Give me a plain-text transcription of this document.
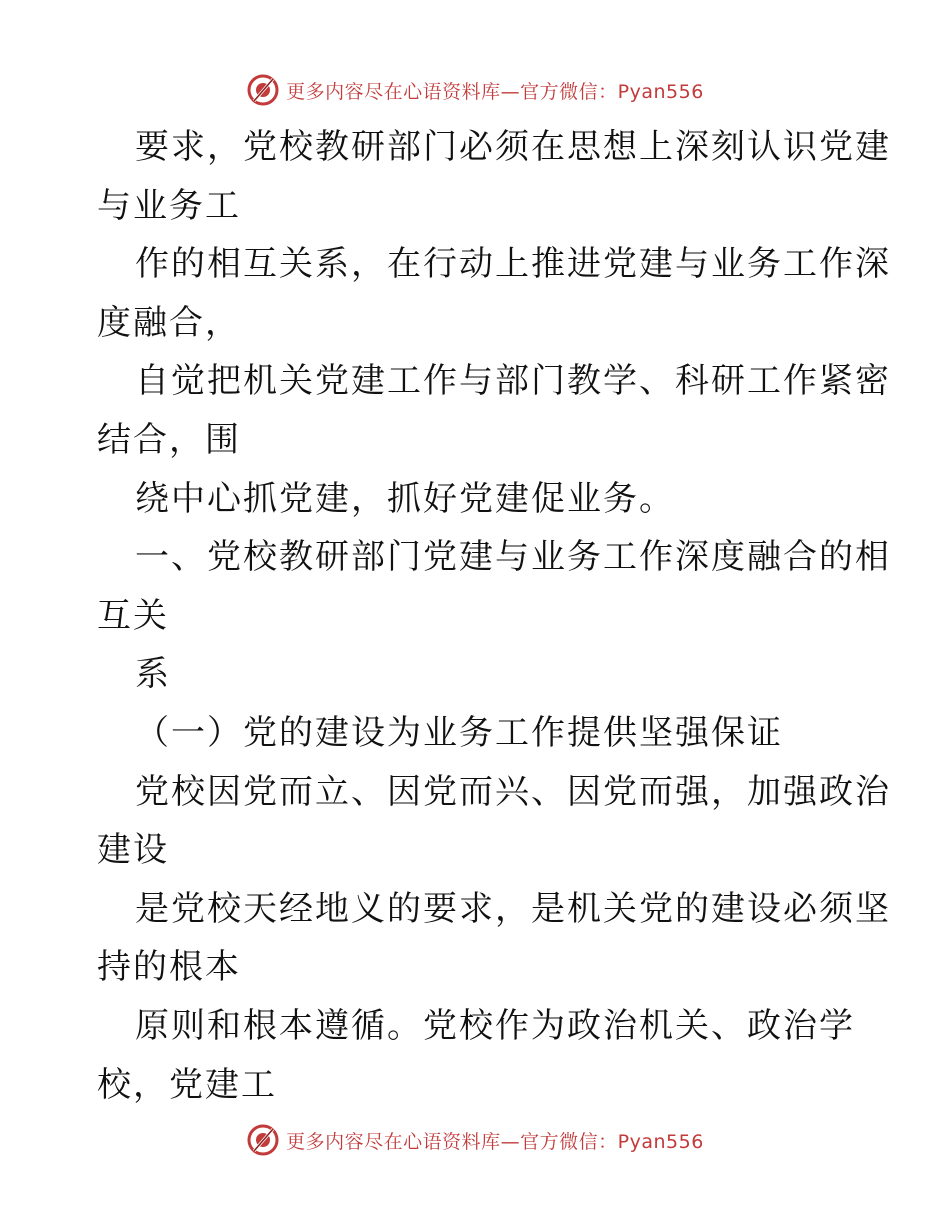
更多内容尽在心语资料库—官方微信：Pyan556
要求，党校教研部门必须在思想上深刻认识党建
与业务工
作的相互关系，在行动上推进党建与业务工作深
度融合，
自觉把机关党建工作与部门教学、科研工作紧密
结合，围
绕中心抓党建，抓好党建促业务。
一、党校教研部门党建与业务工作深度融合的相
互关
系
（一）党的建设为业务工作提供坚强保证
党校因党而立、因党而兴、因党而强，加强政治
建设
是党校天经地义的要求，是机关党的建设必须坚
持的根本
原则和根本遵循。党校作为政治机关、政治学
校，党建工
更多内容尽在心语资料库—官方微信：Pyan556
